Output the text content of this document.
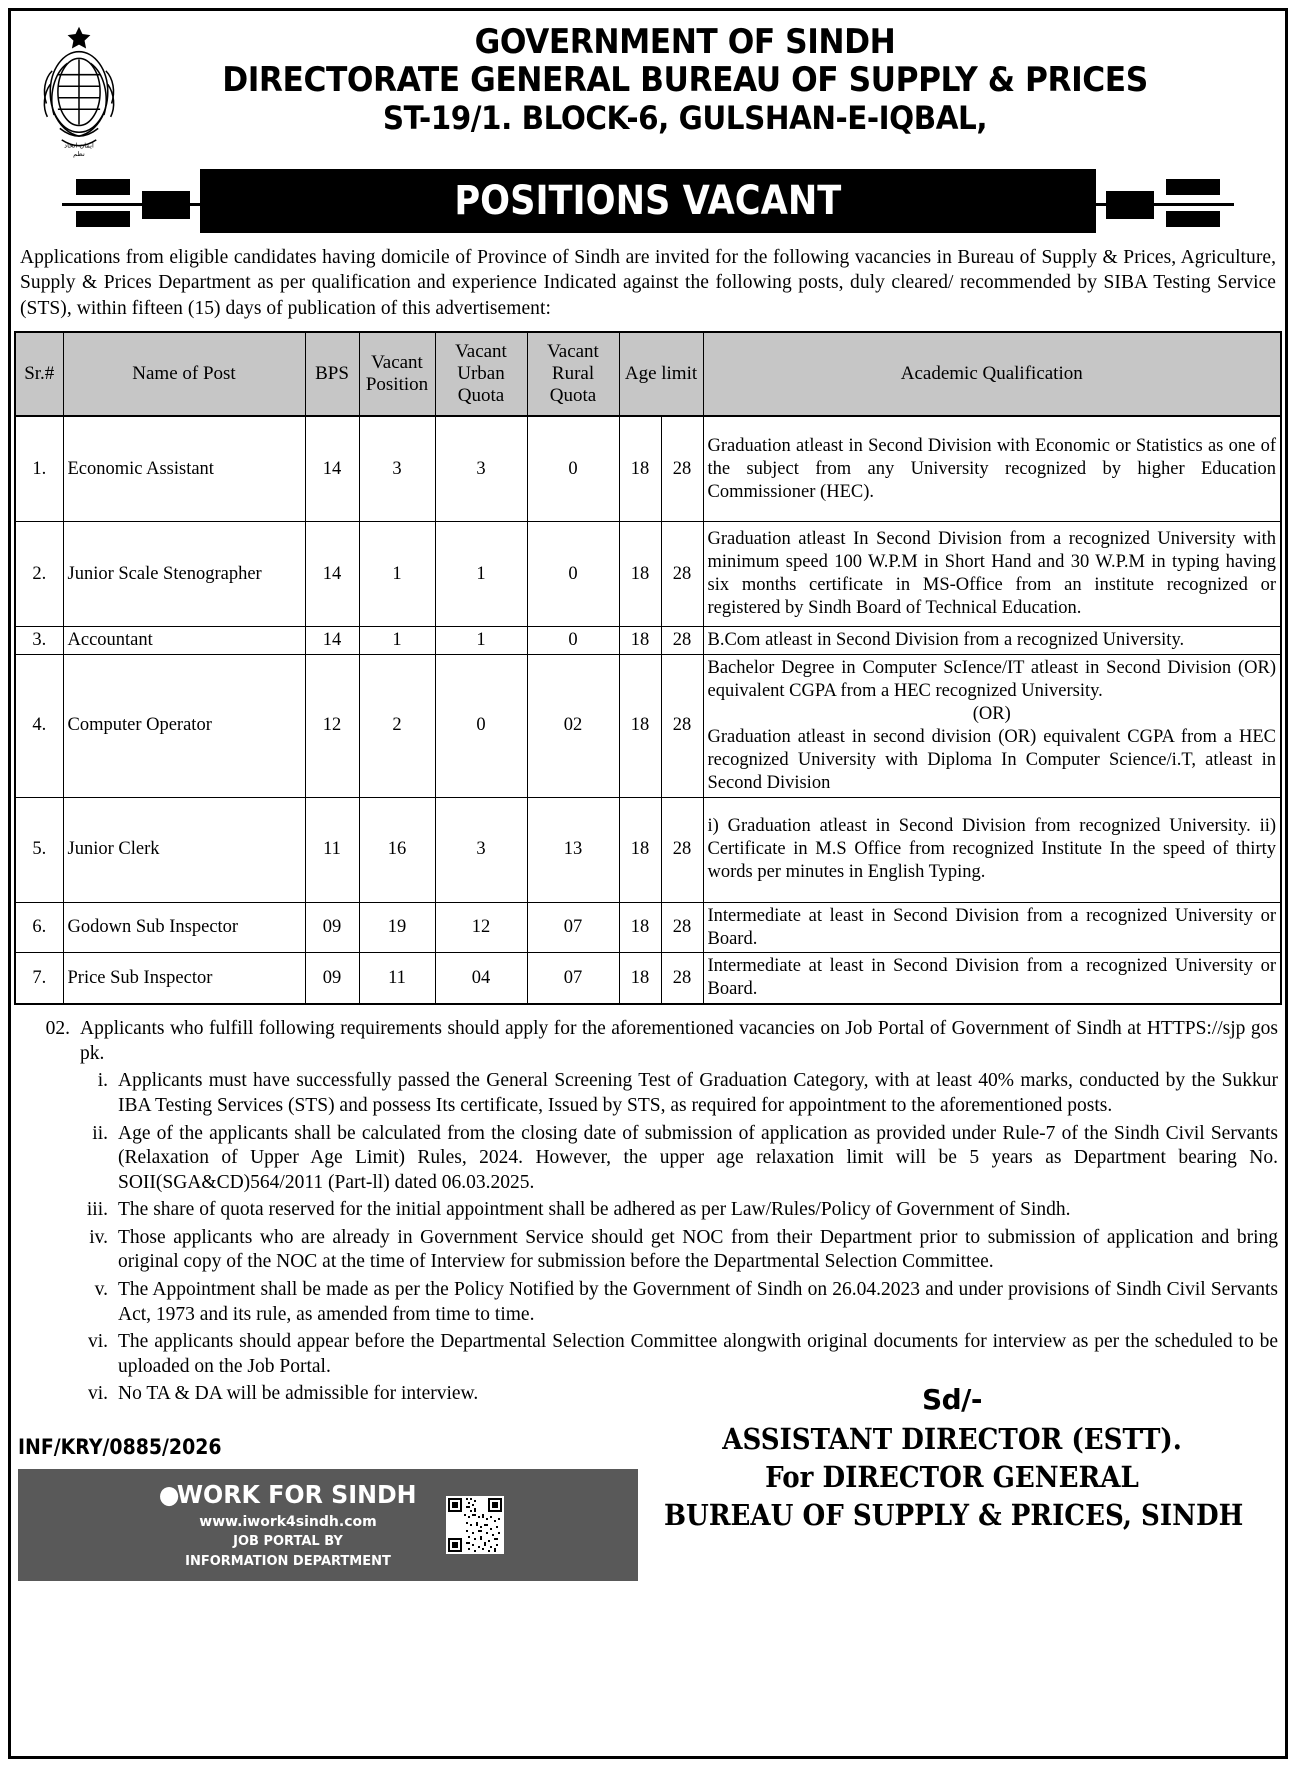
ايمان اتحاد
نظم
GOVERNMENT OF SINDH
DIRECTORATE GENERAL BUREAU OF SUPPLY & PRICES
ST-19/1. BLOCK-6, GULSHAN-E-IQBAL,
POSITIONS VACANT
Applications from eligible candidates having domicile of Province of Sindh are invited for the following vacancies in Bureau of Supply & Prices, Agriculture, Supply & Prices Department as per qualification and experience Indicated against the following posts, duly cleared/ recommended by SIBA Testing Service (STS), within fifteen (15) days of publication of this advertisement:
Sr.#	Name of Post	BPS	Vacant Position	Vacant Urban Quota	Vacant Rural Quota	Age limit		Academic Qualification
1.	Economic Assistant	14	3	3	0	18	28	Graduation atleast in Second Division with Economic or Statistics as one of the subject from any University recognized by higher Education Commissioner (HEC).
2.	Junior Scale Stenographer	14	1	1	0	18	28	Graduation atleast In Second Division from a recognized University with minimum speed 100 W.P.M in Short Hand and 30 W.P.M in typing having six months certificate in MS-Office from an institute recognized or registered by Sindh Board of Technical Education.
3.	Accountant	14	1	1	0	18	28	B.Com atleast in Second Division from a recognized University.
4.	Computer Operator	12	2	0	02	18	28	Bachelor Degree in Computer ScIence/IT atleast in Second Division (OR) equivalent CGPA from a HEC recognized University.
(OR)
Graduation atleast in second division (OR) equivalent CGPA from a HEC recognized University with Diploma In Computer Science/i.T, atleast in Second Division
5.	Junior Clerk	11	16	3	13	18	28	i) Graduation atleast in Second Division from recognized University. ii) Certificate in M.S Office from recognized Institute In the speed of thirty words per minutes in English Typing.
6.	Godown Sub Inspector	09	19	12	07	18	28	Intermediate at least in Second Division from a recognized University or Board.
7.	Price Sub Inspector	09	11	04	07	18	28	Intermediate at least in Second Division from a recognized University or Board.
02. Applicants who fulfill following requirements should apply for the aforementioned vacancies on Job Portal of Government of Sindh at HTTPS://sjp gos pk.
i. Applicants must have successfully passed the General Screening Test of Graduation Category, with at least 40% marks, conducted by the Sukkur IBA Testing Services (STS) and possess Its certificate, Issued by STS, as required for appointment to the aforementioned posts.
ii. Age of the applicants shall be calculated from the closing date of submission of application as provided under Rule-7 of the Sindh Civil Servants (Relaxation of Upper Age Limit) Rules, 2024. However, the upper age relaxation limit will be 5 years as Department bearing No. SOII(SGA&CD)564/2011 (Part-ll) dated 06.03.2025.
iii. The share of quota reserved for the initial appointment shall be adhered as per Law/Rules/Policy of Government of Sindh.
iv. Those applicants who are already in Government Service should get NOC from their Department prior to submission of application and bring original copy of the NOC at the time of Interview for submission before the Departmental Selection Committee.
v. The Appointment shall be made as per the Policy Notified by the Government of Sindh on 26.04.2023 and under provisions of Sindh Civil Servants Act, 1973 and its rule, as amended from time to time.
vi. The applicants should appear before the Departmental Selection Committee alongwith original documents for interview as per the scheduled to be uploaded on the Job Portal.
vi. No TA & DA will be admissible for interview.
INF/KRY/0885/2026
●

WORK FOR SINDH
www.iwork4sindh.com
JOB PORTAL BY
INFORMATION DEPARTMENT
Sd/-
ASSISTANT DIRECTOR (ESTT).
For DIRECTOR GENERAL
BUREAU OF SUPPLY & PRICES, SINDH
